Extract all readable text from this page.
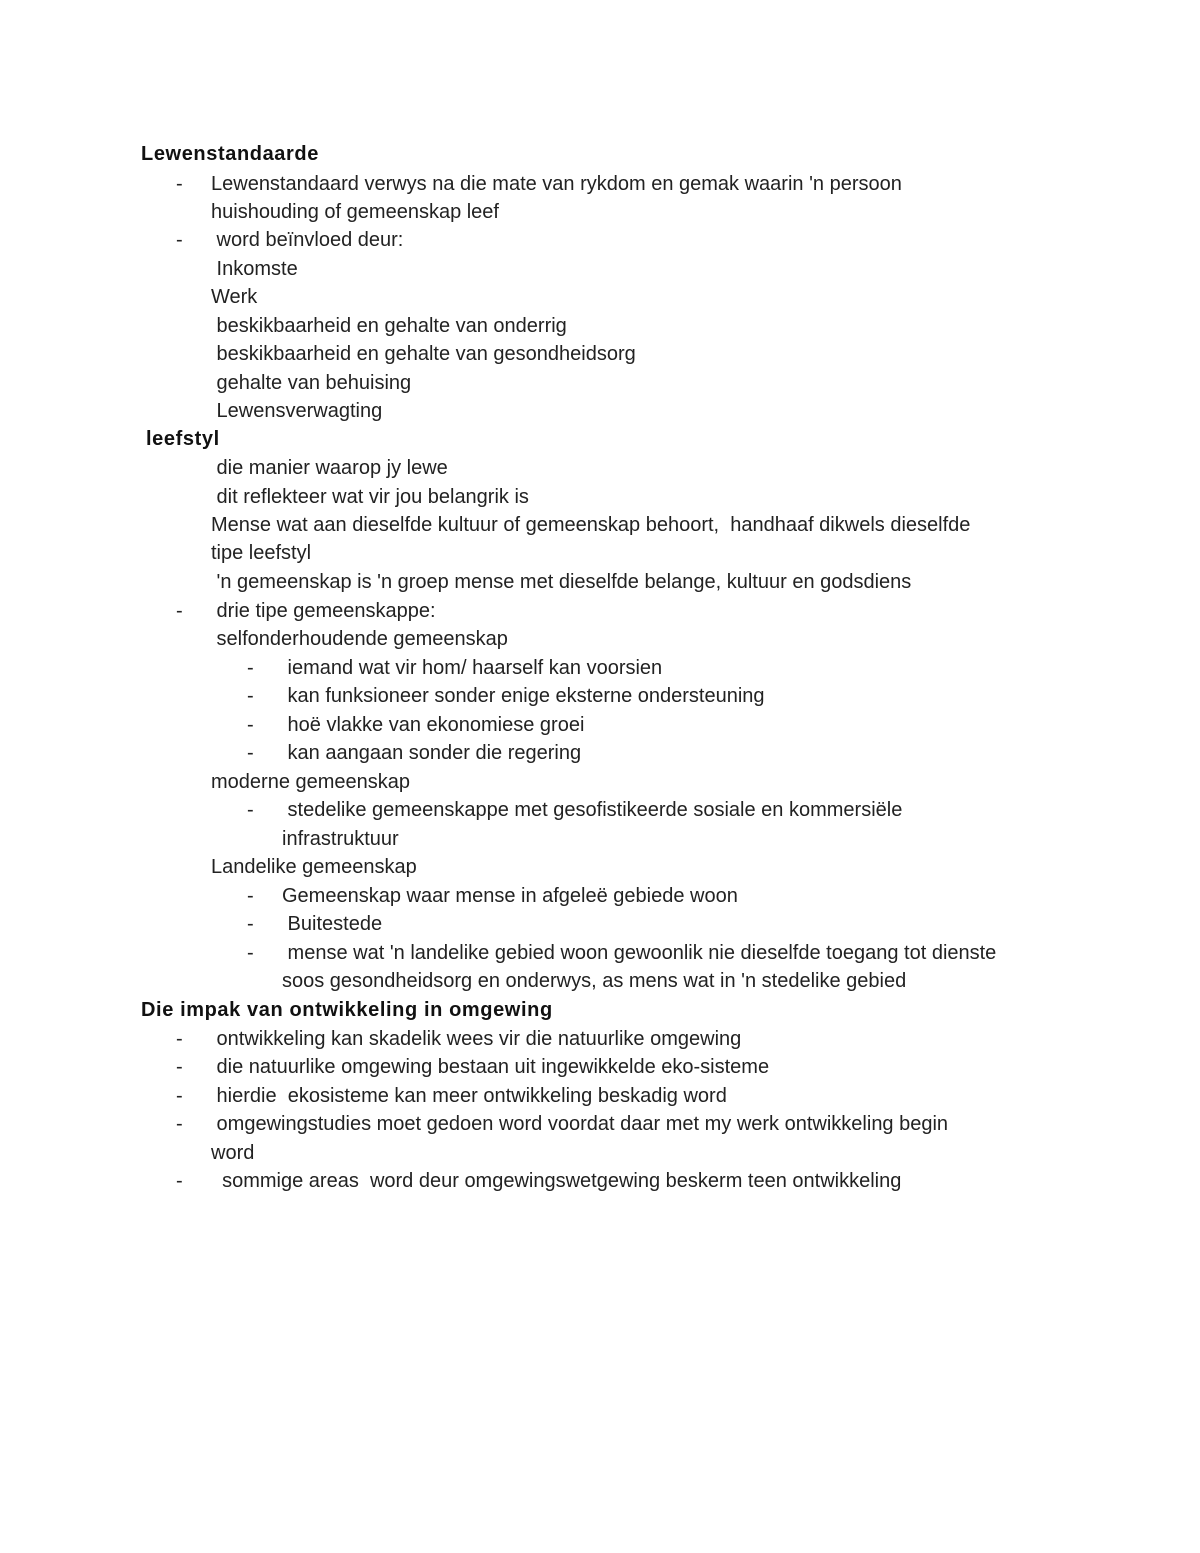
Lewenstandaarde
- Lewenstandaard verwys na die mate van rykdom en gemak waarin 'n persoon
huishouding of gemeenskap leef
- word beïnvloed deur:
Inkomste
Werk
beskikbaarheid en gehalte van onderrig
beskikbaarheid en gehalte van gesondheidsorg
gehalte van behuising
Lewensverwagting
leefstyl
die manier waarop jy lewe
dit reflekteer wat vir jou belangrik is
Mense wat aan dieselfde kultuur of gemeenskap behoort,  handhaaf dikwels dieselfde
tipe leefstyl
'n gemeenskap is 'n groep mense met dieselfde belange, kultuur en godsdiens
- drie tipe gemeenskappe:
selfonderhoudende gemeenskap
- iemand wat vir hom/ haarself kan voorsien
- kan funksioneer sonder enige eksterne ondersteuning
- hoë vlakke van ekonomiese groei
- kan aangaan sonder die regering
moderne gemeenskap
- stedelike gemeenskappe met gesofistikeerde sosiale en kommersiële
infrastruktuur
Landelike gemeenskap
- Gemeenskap waar mense in afgeleë gebiede woon
- Buitestede
- mense wat 'n landelike gebied woon gewoonlik nie dieselfde toegang tot dienste
soos gesondheidsorg en onderwys, as mens wat in 'n stedelike gebied
Die impak van ontwikkeling in omgewing
- ontwikkeling kan skadelik wees vir die natuurlike omgewing
- die natuurlike omgewing bestaan uit ingewikkelde eko-sisteme
- hierdie  ekosisteme kan meer ontwikkeling beskadig word
- omgewingstudies moet gedoen word voordat daar met my werk ontwikkeling begin
word
- sommige areas  word deur omgewingswetgewing beskerm teen ontwikkeling
